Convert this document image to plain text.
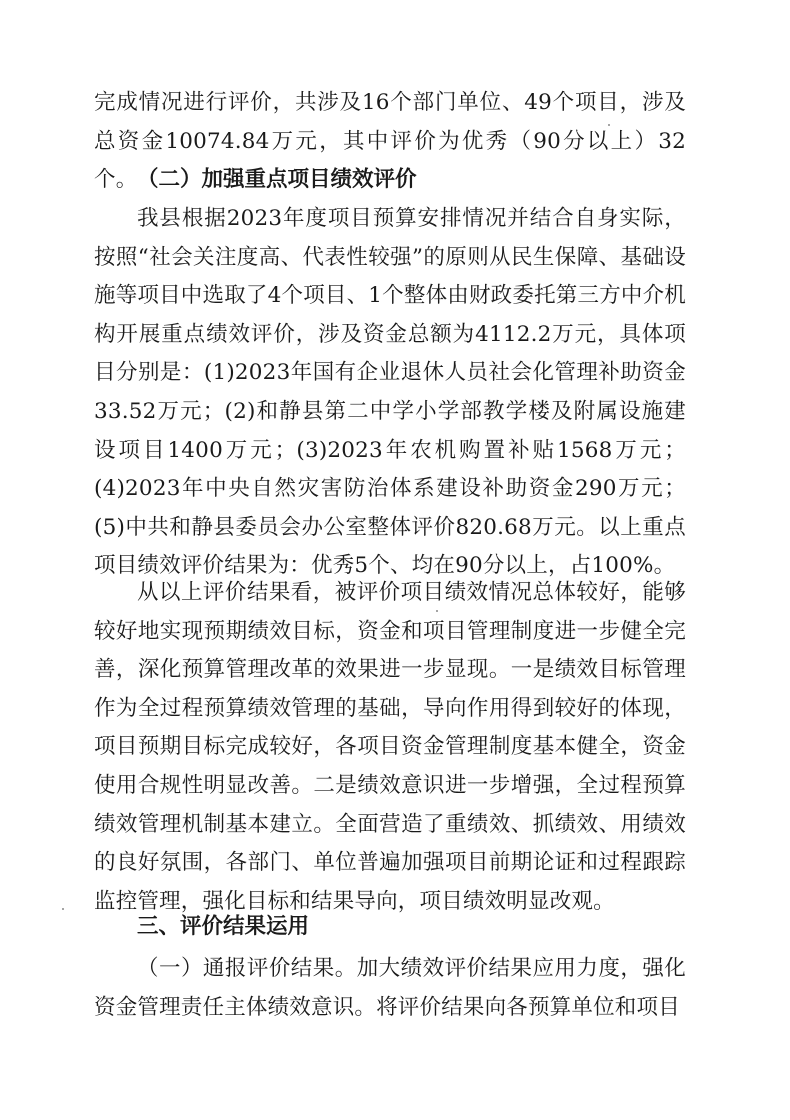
完成情况进行评价，共涉及16个部门单位、49个项目，涉及总资金10074.84万元，其中评价为优秀（90分以上）32个。 （二）加强重点项目绩效评价

我县根据2023年度项目预算安排情况并结合自身实际，按照“社会关注度高、代表性较强”的原则从民生保障、基础设施等项目中选取了4个项目、1个整体由财政委托第三方中介机构开展重点绩效评价，涉及资金总额为4112.2万元，具体项目分别是：(1)2023年国有企业退休人员社会化管理补助资金33.52万元；(2)和静县第二中学小学部教学楼及附属设施建设项目1400万元；(3)2023年农机购置补贴1568万元；(4)2023年中央自然灾害防治体系建设补助资金290万元；(5)中共和静县委员会办公室整体评价820.68万元。以上重点项目绩效评价结果为：优秀5个、均在90分以上，占100%。

从以上评价结果看，被评价项目绩效情况总体较好，能够较好地实现预期绩效目标，资金和项目管理制度进一步健全完善，深化预算管理改革的效果进一步显现。一是绩效目标管理作为全过程预算绩效管理的基础，导向作用得到较好的体现，项目预期目标完成较好，各项目资金管理制度基本健全，资金使用合规性明显改善。二是绩效意识进一步增强，全过程预算绩效管理机制基本建立。全面营造了重绩效、抓绩效、用绩效的良好氛围，各部门、单位普遍加强项目前期论证和过程跟踪监控管理，强化目标和结果导向，项目绩效明显改观。

三、评价结果运用

（一）通报评价结果。加大绩效评价结果应用力度，强化资金管理责任主体绩效意识。将评价结果向各预算单位和项目
